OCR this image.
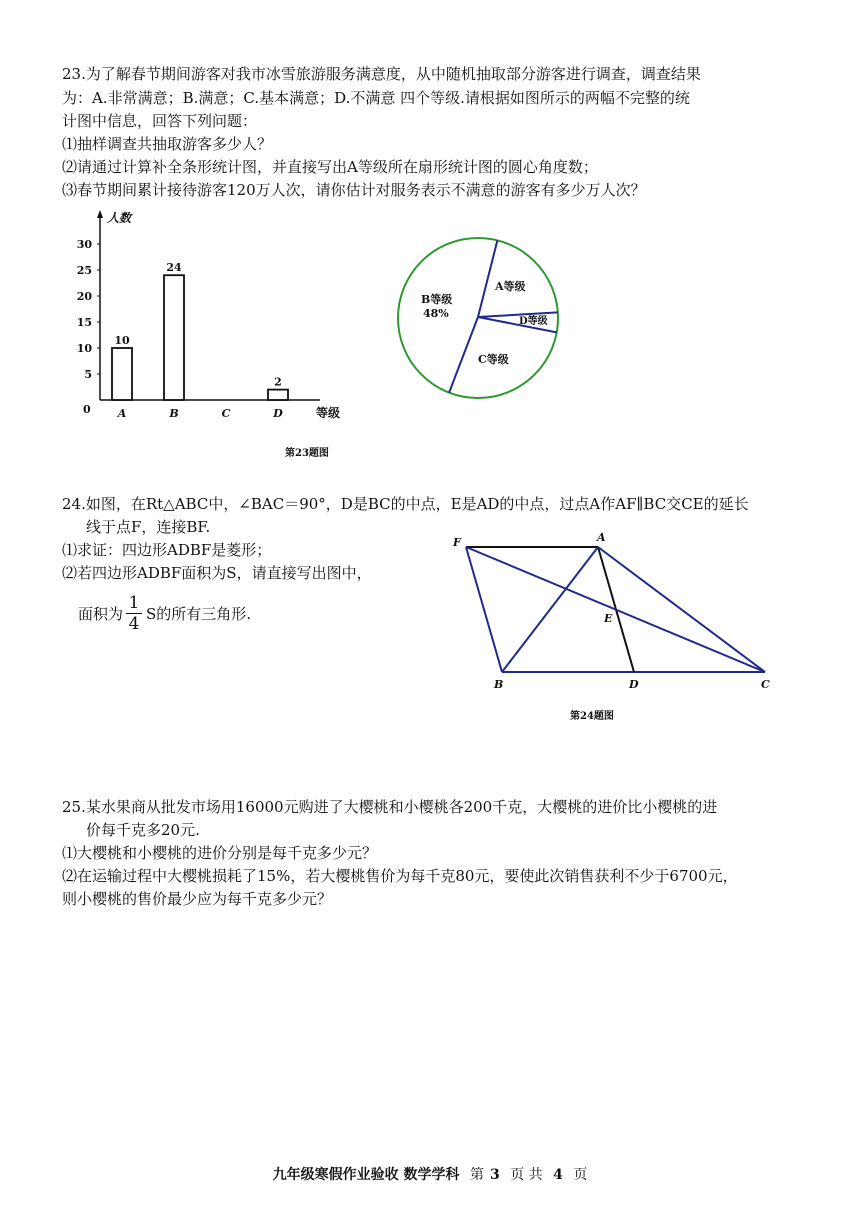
23.为了解春节期间游客对我市冰雪旅游服务满意度，从中随机抽取部分游客进行调查，调查结果
为：A.非常满意；B.满意；C.基本满意；D.不满意 四个等级.请根据如图所示的两幅不完整的统
计图中信息，回答下列问题：
⑴抽样调查共抽取游客多少人？
⑵请通过计算补全条形统计图，并直接写出A等级所在扇形统计图的圆心角度数；
⑶春节期间累计接待游客120万人次，请你估计对服务表示不满意的游客有多少万人次？
人数
等级
0
5
10
15
20
25
30
A
10
B
24
C	D
2
B等级
48%
A等级
D等级
C等级
第23题图
24.如图，在Rt△ABC中，∠BAC＝90°，D是BC的中点，E是AD的中点，过点A作AF∥BC交CE的延长
线于点F，连接BF.
⑴求证：四边形ADBF是菱形；
⑵若四边形ADBF面积为S，请直接写出图中，
面积为 $\frac{1}{4}$ S的所有三角形.
F	A
E
B	D	C
第24题图
25.某水果商从批发市场用16000元购进了大樱桃和小樱桃各200千克，大樱桃的进价比小樱桃的进
价每千克多20元.
⑴大樱桃和小樱桃的进价分别是每千克多少元？
⑵在运输过程中大樱桃损耗了15%，若大樱桃售价为每千克80元，要使此次销售获利不少于6700元，
则小樱桃的售价最少应为每千克多少元？
九年级寒假作业验收 数学学科 第 3 页 共 4 页
